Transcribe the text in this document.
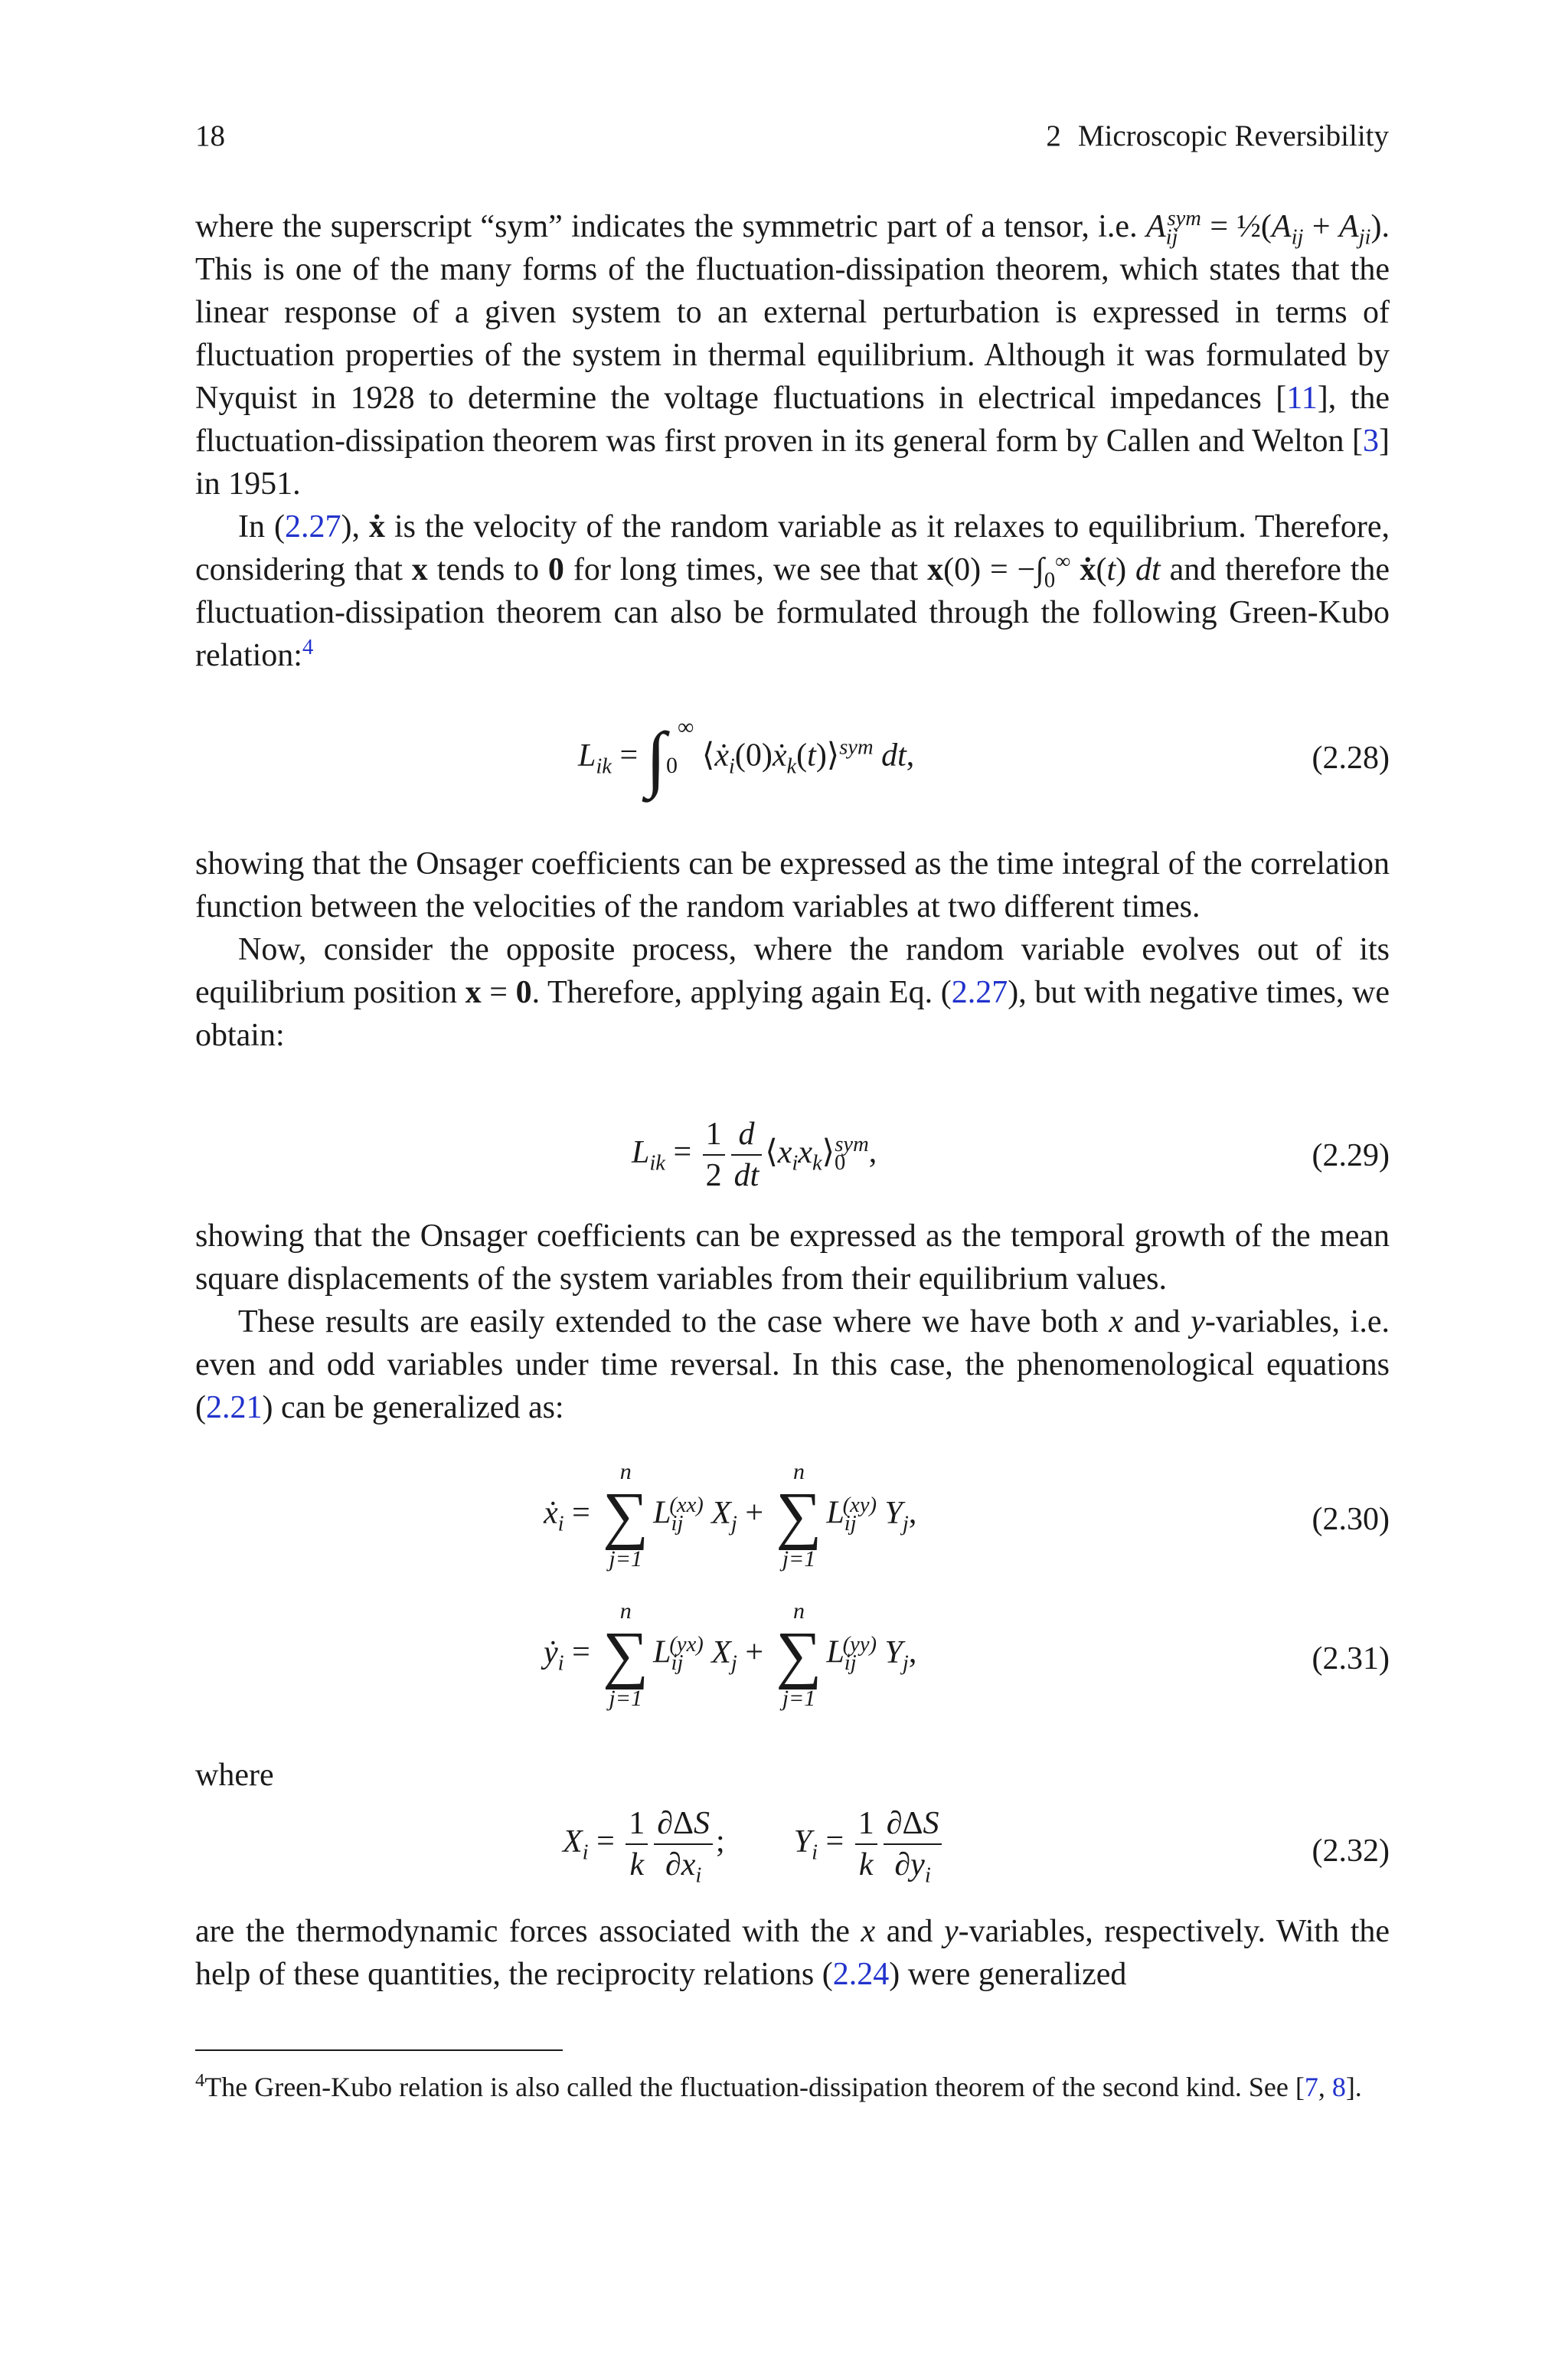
18	2 Microscopic Reversibility

where the superscript “sym” indicates the symmetric part of a tensor, i.e. $A_{ij}^{sym}$ = $\frac{1}{2}(A_{ij} + A_{ji})$. This is one of the many forms of the fluctuation-dissipation theorem, which states that the linear response of a given system to an external perturbation is expressed in terms of fluctuation properties of the system in thermal equilibrium. Although it was formulated by Nyquist in 1928 to determine the voltage fluctuations in electrical impedances [11], the fluctuation-dissipation theorem was first proven in its general form by Callen and Welton [3] in 1951.

In (2.27), ẋ is the velocity of the random variable as it relaxes to equilibrium. Therefore, considering that x tends to 0 for long times, we see that $x(0) = -\int_0^\infty$ ẋ(t) dt and therefore the fluctuation-dissipation theorem can also be formulated through the following Green-Kubo relation:$^4$

$L_{ik} = \int_0^\infty$ ⟨ẋ$_i$(0)ẋ$_k$(t)⟩$^{sym}$ dt,	(2.28)

showing that the Onsager coefficients can be expressed as the time integral of the correlation function between the velocities of the random variables at two different times.

Now, consider the opposite process, where the random variable evolves out of its equilibrium position x = 0. Therefore, applying again Eq. (2.27), but with negative times, we obtain:

$L_{ik} = \frac{1}{2} \frac{d}{dt}$ $⟨x_ix_k⟩_0^{sym}$,	(2.29)

showing that the Onsager coefficients can be expressed as the temporal growth of the mean square displacements of the system variables from their equilibrium values.

These results are easily extended to the case where we have both x and y-variables, i.e. even and odd variables under time reversal. In this case, the phenomenological equations (2.21) can be generalized as:

ẋ$_i$ =
n
∑
j=1
$L_{ij}^{(xx)}$ $X_j$ +
n
∑
j=1
$L_{ij}^{(xy)}$ $Y_j$,	(2.30)
ẏ$_i$ =
n
∑
j=1
$L_{ij}^{(yx)}$ $X_j$ +
n
∑
j=1
$L_{ij}^{(yy)}$ $Y_j$,	(2.31)

where

$X_i = \frac{1}{k} \frac{\partial\Delta S}{\partial x_i}$ ; $Y_i = \frac{1}{k} \frac{\partial\Delta S}{\partial y_i}$	(2.32)

are the thermodynamic forces associated with the x and y-variables, respectively. With the help of these quantities, the reciprocity relations (2.24) were generalized

$^4$The Green-Kubo relation is also called the fluctuation-dissipation theorem of the second kind. See [7, 8].
